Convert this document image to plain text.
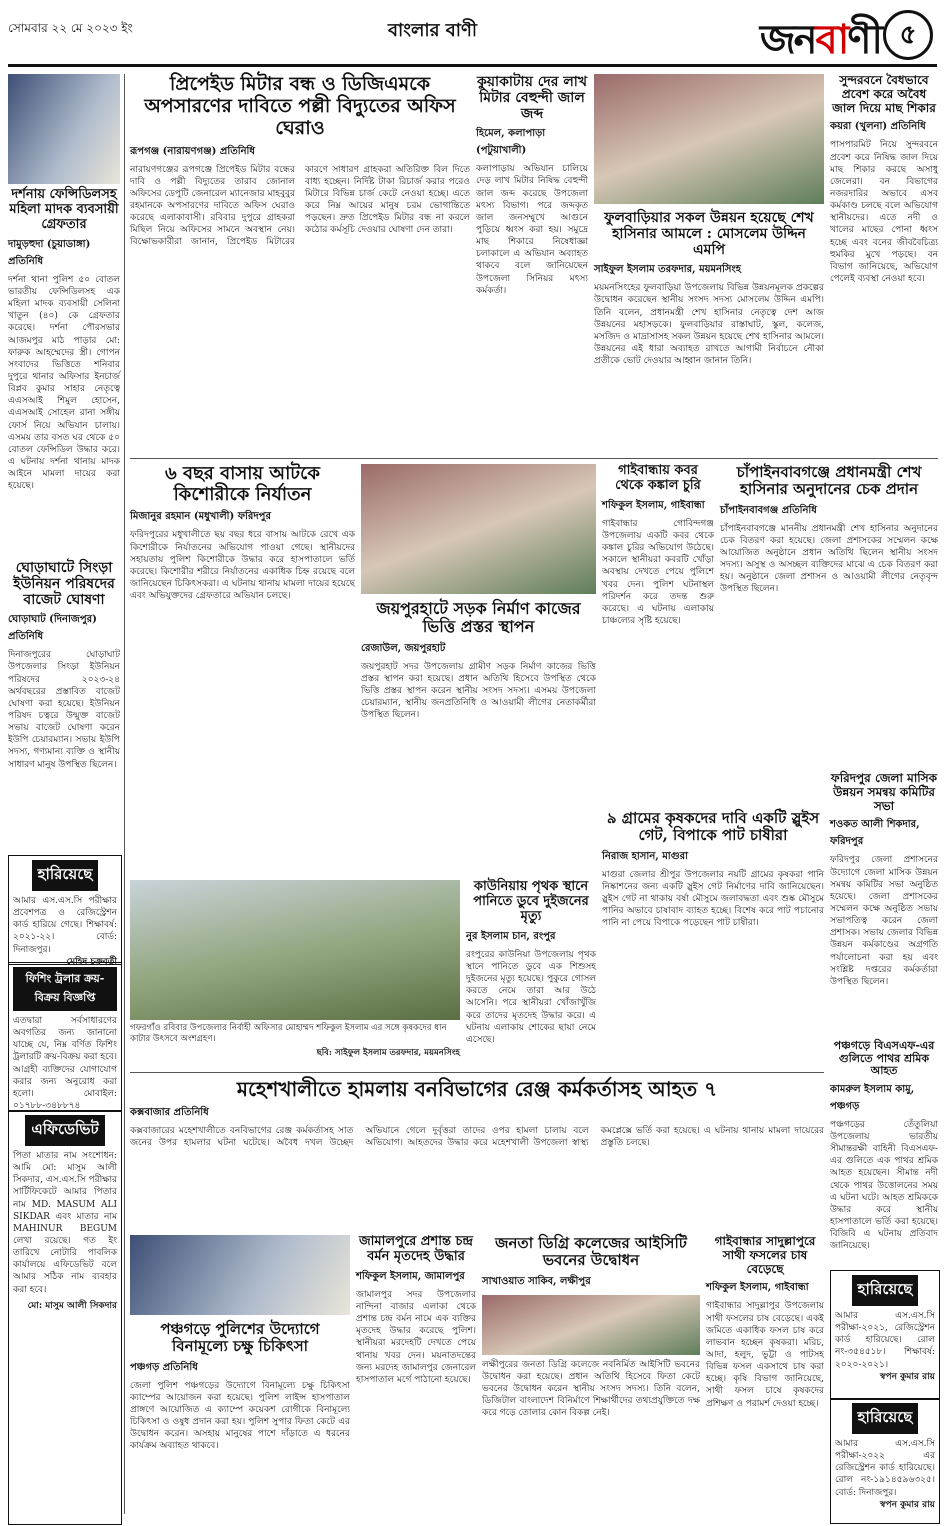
সোমবার ২২ মে ২০২৩ ইং	বাংলার বাণী	জনবাণী ৫
দর্শনায় ফেন্সিডিলসহ মহিলা মাদক ব্যবসায়ী গ্রেফতার
দামুড়হুদা (চুয়াডাঙ্গা) প্রতিনিধি
দর্শনা থানা পুলিশ ৫০ বোতল ভারতীয় ফেন্সিডিলসহ এক মহিলা মাদক ব্যবসায়ী সেলিনা খাতুন (৪০) কে গ্রেফতার করেছে। দর্শনা পৌরসভার আজমপুর মাঠ পাড়ার মো: ফারুক আহম্মেদের স্ত্রী। গোপন সংবাদের ভিত্তিতে শনিবার দুপুরে থানার অফিসার ইনচার্জ বিপ্লব কুমার সাহার নেতৃত্বে এএসআই শিমুল হোসেন, এএসআই সোহেল রানা সঙ্গীয় ফোর্স নিয়ে অভিযান চালায়। এসময় তার বসত ঘর থেকে ৫০ বোতল ফেন্সিডিল উদ্ধার করে। এ ঘটনায় দর্শনা থানায় মাদক আইনে মামলা দায়ের করা হয়েছে।
ঘোড়াঘাটে সিংড়া ইউনিয়ন পরিষদের বাজেট ঘোষণা
ঘোড়াঘাট (দিনাজপুর) প্রতিনিধি
দিনাজপুরের ঘোড়াঘাট উপজেলার সিংড়া ইউনিয়ন পরিষদের ২০২৩-২৪ অর্থবছরের প্রস্তাবিত বাজেট ঘোষণা করা হয়েছে। ইউনিয়ন পরিষদ চত্বরে উন্মুক্ত বাজেট সভায় বাজেট ঘোষণা করেন ইউপি চেয়ারম্যান। সভায় ইউপি সদস্য, গণ্যমান্য ব্যক্তি ও স্থানীয় সাধারণ মানুষ উপস্থিত ছিলেন।
হারিয়েছে
আমার এস.এস.সি পরীক্ষার প্রবেশপত্র ও রেজিস্ট্রেশন কার্ড হারিয়ে গেছে। শিক্ষাবর্ষ: ২০২১-২২। বোর্ড: দিনাজপুর।
মেহিদ চক্রবর্তী
ফিশিং ট্রলার ক্রয়-বিক্রয় বিজ্ঞপ্তি
এতদ্বারা সর্বসাধারণের অবগতির জন্য জানানো যাচ্ছে যে, নিম্ন বর্ণিত ফিশিং ট্রলারটি ক্রয়-বিক্রয় করা হবে। আগ্রহী ব্যক্তিদের যোগাযোগ করার জন্য অনুরোধ করা হলো। মোবাইল: ০১৭৮৮-৩৪৮৮৭৪
এফিডেভিট
পিতা মাতার নাম সংশোধন: আমি মো: মাসুম আলী সিকদার, এস.এস.সি পরীক্ষার সার্টিফিকেটে আমার পিতার নাম MD. MASUM ALI SIKDAR এবং মাতার নাম MAHINUR BEGUM লেখা রয়েছে। গত ইং তারিখে নোটারি পাবলিক কার্যালয়ে এফিডেভিট বলে আমার সঠিক নাম ব্যবহার করা হবে।
মো: মাসুম আলী সিকদার
প্রিপেইড মিটার বন্ধ ও ডিজিএমকে অপসারণের দাবিতে পল্লী বিদ্যুতের অফিস ঘেরাও
রূপগঞ্জ (নারায়ণগঞ্জ) প্রতিনিধি
নারায়ণগঞ্জের রূপগঞ্জে প্রিপেইড মিটার বন্ধের দাবি ও পল্লী বিদ্যুতের তারাব জোনাল অফিসের ডেপুটি জেনারেল ম্যানেজার মাহবুবুর রহমানকে অপসারণের দাবিতে অফিস ঘেরাও করেছে এলাকাবাসী। রবিবার দুপুরে গ্রাহকরা মিছিল নিয়ে অফিসের সামনে অবস্থান নেয়। বিক্ষোভকারীরা জানান, প্রিপেইড মিটারের কারণে সাধারণ গ্রাহকরা অতিরিক্ত বিল দিতে বাধ্য হচ্ছেন। নির্দিষ্ট টাকা রিচার্জ করার পরেও মিটারে বিভিন্ন চার্জ কেটে নেওয়া হচ্ছে। এতে করে নিম্ন আয়ের মানুষ চরম ভোগান্তিতে পড়ছেন। দ্রুত প্রিপেইড মিটার বন্ধ না করলে কঠোর কর্মসূচি দেওয়ার ঘোষণা দেন তারা।
কুয়াকাটায় দের লাখ মিটার বেহুন্দী জাল জব্দ
হিমেল, কলাপাড়া (পটুয়াখালী)
কলাপাড়ায় অভিযান চালিয়ে দেড় লাখ মিটার নিষিদ্ধ বেহুন্দী জাল জব্দ করেছে উপজেলা মৎস্য বিভাগ। পরে জব্দকৃত জাল জনসম্মুখে আগুনে পুড়িয়ে ধ্বংস করা হয়। সমুদ্রে মাছ শিকারে নিষেধাজ্ঞা চলাকালে এ অভিযান অব্যাহত থাকবে বলে জানিয়েছেন উপজেলা সিনিয়র মৎস্য কর্মকর্তা।
ফুলবাড়িয়ার সকল উন্নয়ন হয়েছে শেখ হাসিনার আমলে : মোসলেম উদ্দিন এমপি
সাইফুল ইসলাম তরফদার, ময়মনসিংহ
ময়মনসিংহের ফুলবাড়িয়া উপজেলায় বিভিন্ন উন্নয়নমূলক প্রকল্পের উদ্বোধন করেছেন স্থানীয় সংসদ সদস্য মোসলেম উদ্দিন এমপি। তিনি বলেন, প্রধানমন্ত্রী শেখ হাসিনার নেতৃত্বে দেশ আজ উন্নয়নের মহাসড়কে। ফুলবাড়িয়ার রাস্তাঘাট, স্কুল, কলেজ, মসজিদ ও মাদ্রাসাসহ সকল উন্নয়ন হয়েছে শেখ হাসিনার আমলে। উন্নয়নের এই ধারা অব্যাহত রাখতে আগামী নির্বাচনে নৌকা প্রতীকে ভোট দেওয়ার আহ্বান জানান তিনি।
সুন্দরবনে বৈধভাবে প্রবেশ করে অবৈধ জাল দিয়ে মাছ শিকার
কয়রা (খুলনা) প্রতিনিধি
পাসপারমিট নিয়ে সুন্দরবনে প্রবেশ করে নিষিদ্ধ জাল দিয়ে মাছ শিকার করছে অসাধু জেলেরা। বন বিভাগের নজরদারির অভাবে এসব কর্মকাণ্ড চলছে বলে অভিযোগ স্থানীয়দের। এতে নদী ও খালের মাছের পোনা ধ্বংস হচ্ছে এবং বনের জীববৈচিত্র্য হুমকির মুখে পড়ছে। বন বিভাগ জানিয়েছে, অভিযোগ পেলেই ব্যবস্থা নেওয়া হবে।
৬ বছর বাসায় আটকে কিশোরীকে নির্যাতন
মিজানুর রহমান (মধুখালী) ফরিদপুর
ফরিদপুরের মধুখালীতে ছয় বছর ধরে বাসায় আটকে রেখে এক কিশোরীকে নির্যাতনের অভিযোগ পাওয়া গেছে। স্থানীয়দের সহায়তায় পুলিশ কিশোরীকে উদ্ধার করে হাসপাতালে ভর্তি করেছে। কিশোরীর শরীরে নির্যাতনের একাধিক চিহ্ন রয়েছে বলে জানিয়েছেন চিকিৎসকরা। এ ঘটনায় থানায় মামলা দায়ের হয়েছে এবং অভিযুক্তদের গ্রেফতারে অভিযান চলছে।
জয়পুরহাটে সড়ক নির্মাণ কাজের ভিত্তি প্রস্তর স্থাপন
রেজাউল, জয়পুরহাট
জয়পুরহাট সদর উপজেলায় গ্রামীণ সড়ক নির্মাণ কাজের ভিত্তি প্রস্তর স্থাপন করা হয়েছে। প্রধান অতিথি হিসেবে উপস্থিত থেকে ভিত্তি প্রস্তর স্থাপন করেন স্থানীয় সংসদ সদস্য। এসময় উপজেলা চেয়ারম্যান, স্থানীয় জনপ্রতিনিধি ও আওয়ামী লীগের নেতাকর্মীরা উপস্থিত ছিলেন।
গাইবান্ধায় কবর থেকে কঙ্কাল চুরি
শফিকুল ইসলাম, গাইবান্ধা
গাইবান্ধার গোবিন্দগঞ্জ উপজেলায় একটি কবর থেকে কঙ্কাল চুরির অভিযোগ উঠেছে। সকালে স্থানীয়রা কবরটি খোঁড়া অবস্থায় দেখতে পেয়ে পুলিশে খবর দেন। পুলিশ ঘটনাস্থল পরিদর্শন করে তদন্ত শুরু করেছে। এ ঘটনায় এলাকায় চাঞ্চল্যের সৃষ্টি হয়েছে।
চাঁপাইনবাবগঞ্জে প্রধানমন্ত্রী শেখ হাসিনার অনুদানের চেক প্রদান
চাঁপাইনবাবগঞ্জ প্রতিনিধি
চাঁপাইনবাবগঞ্জে মাননীয় প্রধানমন্ত্রী শেখ হাসিনার অনুদানের চেক বিতরণ করা হয়েছে। জেলা প্রশাসকের সম্মেলন কক্ষে আয়োজিত অনুষ্ঠানে প্রধান অতিথি ছিলেন স্থানীয় সংসদ সদস্য। অসুস্থ ও অসচ্ছল ব্যক্তিদের মাঝে এ চেক বিতরণ করা হয়। অনুষ্ঠানে জেলা প্রশাসন ও আওয়ামী লীগের নেতৃবৃন্দ উপস্থিত ছিলেন।
ফরিদপুর জেলা মাসিক উন্নয়ন সমন্বয় কমিটির সভা
শওকত আলী শিকদার, ফরিদপুর
ফরিদপুর জেলা প্রশাসনের উদ্যোগে জেলা মাসিক উন্নয়ন সমন্বয় কমিটির সভা অনুষ্ঠিত হয়েছে। জেলা প্রশাসকের সম্মেলন কক্ষে অনুষ্ঠিত সভায় সভাপতিত্ব করেন জেলা প্রশাসক। সভায় জেলার বিভিন্ন উন্নয়ন কর্মকাণ্ডের অগ্রগতি পর্যালোচনা করা হয় এবং সংশ্লিষ্ট দপ্তরের কর্মকর্তারা উপস্থিত ছিলেন।
গফরগাঁও রবিবার উপজেলার নির্বাহী অফিসার মোহাম্মদ শফিকুল ইসলাম এর সঙ্গে কৃষকদের ধান কাটার উৎসবে অংশগ্রহণ।
ছবি: সাইফুল ইসলাম তরফদার, ময়মনসিংহ
কাউনিয়ায় পৃথক স্থানে পানিতে ডুবে দুইজনের মৃত্যু
নুর ইসলাম চান, রংপুর
রংপুরের কাউনিয়া উপজেলায় পৃথক স্থানে পানিতে ডুবে এক শিশুসহ দুইজনের মৃত্যু হয়েছে। পুকুরে গোসল করতে নেমে তারা আর উঠে আসেনি। পরে স্থানীয়রা খোঁজাখুঁজি করে তাদের মৃতদেহ উদ্ধার করে। এ ঘটনায় এলাকায় শোকের ছায়া নেমে এসেছে।
৯ গ্রামের কৃষকদের দাবি একটি স্লুইস গেট, বিপাকে পাট চাষীরা
নিরাজ হাসান, মাগুরা
মাগুরা জেলার শ্রীপুর উপজেলার নয়টি গ্রামের কৃষকরা পানি নিষ্কাশনের জন্য একটি স্লুইস গেট নির্মাণের দাবি জানিয়েছেন। স্লুইস গেট না থাকায় বর্ষা মৌসুমে জলাবদ্ধতা এবং শুষ্ক মৌসুমে পানির অভাবে চাষাবাদ ব্যাহত হচ্ছে। বিশেষ করে পাট পচানোর পানি না পেয়ে বিপাকে পড়েছেন পাট চাষীরা।
মহেশখালীতে হামলায় বনবিভাগের রেঞ্জ কর্মকর্তাসহ আহত ৭
কক্সবাজার প্রতিনিধি
কক্সবাজারের মহেশখালীতে বনবিভাগের রেঞ্জ কর্মকর্তাসহ সাত জনের উপর হামলার ঘটনা ঘটেছে। অবৈধ দখল উচ্ছেদ অভিযানে গেলে দুর্বৃত্তরা তাদের ওপর হামলা চালায় বলে অভিযোগ। আহতদের উদ্ধার করে মহেশখালী উপজেলা স্বাস্থ্য কমপ্লেক্সে ভর্তি করা হয়েছে। এ ঘটনায় থানায় মামলা দায়েরের প্রস্তুতি চলছে।
পঞ্চগড়ে পুলিশের উদ্যোগে বিনামূল্যে চক্ষু চিকিৎসা
পঞ্চগড় প্রতিনিধি
জেলা পুলিশ পঞ্চগড়ের উদ্যোগে বিনামূল্যে চক্ষু চিকিৎসা ক্যাম্পের আয়োজন করা হয়েছে। পুলিশ লাইন্স হাসপাতাল প্রাঙ্গণে আয়োজিত এ ক্যাম্পে কয়েকশ রোগীকে বিনামূল্যে চিকিৎসা ও ওষুধ প্রদান করা হয়। পুলিশ সুপার ফিতা কেটে এর উদ্বোধন করেন। অসহায় মানুষের পাশে দাঁড়াতে এ ধরনের কার্যক্রম অব্যাহত থাকবে।
জামালপুরে প্রশান্ত চন্দ্র বর্মন মৃতদেহ উদ্ধার
শফিকুল ইসলাম, জামালপুর
জামালপুর সদর উপজেলার নান্দিনা বাজার এলাকা থেকে প্রশান্ত চন্দ্র বর্মন নামে এক ব্যক্তির মৃতদেহ উদ্ধার করেছে পুলিশ। স্থানীয়রা মরদেহটি দেখতে পেয়ে থানায় খবর দেন। ময়নাতদন্তের জন্য মরদেহ জামালপুর জেনারেল হাসপাতাল মর্গে পাঠানো হয়েছে।
জনতা ডিগ্রি কলেজের আইসিটি ভবনের উদ্বোধন
সাখাওয়াত সাকিব, লক্ষীপুর
লক্ষীপুরের জনতা ডিগ্রি কলেজে নবনির্মিত আইসিটি ভবনের উদ্বোধন করা হয়েছে। প্রধান অতিথি হিসেবে ফিতা কেটে ভবনের উদ্বোধন করেন স্থানীয় সংসদ সদস্য। তিনি বলেন, ডিজিটাল বাংলাদেশ বিনির্মাণে শিক্ষার্থীদের তথ্যপ্রযুক্তিতে দক্ষ করে গড়ে তোলার কোন বিকল্প নেই।
গাইবান্ধার সাদুল্লাপুরে সাথী ফসলের চাষ বেড়েছে
শফিকুল ইসলাম, গাইবান্ধা
গাইবান্ধার সাদুল্লাপুর উপজেলায় সাথী ফসলের চাষ বেড়েছে। একই জমিতে একাধিক ফসল চাষ করে লাভবান হচ্ছেন কৃষকরা। মরিচ, আদা, হলুদ, ভুট্টা ও পাটসহ বিভিন্ন ফসল একসাথে চাষ করা হচ্ছে। কৃষি বিভাগ জানিয়েছে, সাথী ফসল চাষে কৃষকদের প্রশিক্ষণ ও পরামর্শ দেওয়া হচ্ছে।
পঞ্চগড়ে বিএসএফ-এর গুলিতে পাথর শ্রমিক আহত
কামরুল ইসলাম কামু, পঞ্চগড়
পঞ্চগড়ের তেঁতুলিয়া উপজেলায় ভারতীয় সীমান্তরক্ষী বাহিনী বিএসএফ-এর গুলিতে এক পাথর শ্রমিক আহত হয়েছেন। সীমান্ত নদী থেকে পাথর উত্তোলনের সময় এ ঘটনা ঘটে। আহত শ্রমিককে উদ্ধার করে স্থানীয় হাসপাতালে ভর্তি করা হয়েছে। বিজিবি এ ঘটনায় প্রতিবাদ জানিয়েছে।
হারিয়েছে
আমার এস.এস.সি পরীক্ষা-২০২১, রেজিস্ট্রেশন কার্ড হারিয়েছে। রোল নং-৩৫৪৫১৮। শিক্ষাবর্ষ: ২০২০-২০২১।
স্বপন কুমার রায়
হারিয়েছে
আমার এস.এস.সি পরীক্ষা-২০২২ এর রেজিস্ট্রেশন কার্ড হারিয়েছে। রোল নং-১৯১৪৫৯৬৩২৫। বোর্ড: দিনাজপুর।
স্বপন কুমার রায়
